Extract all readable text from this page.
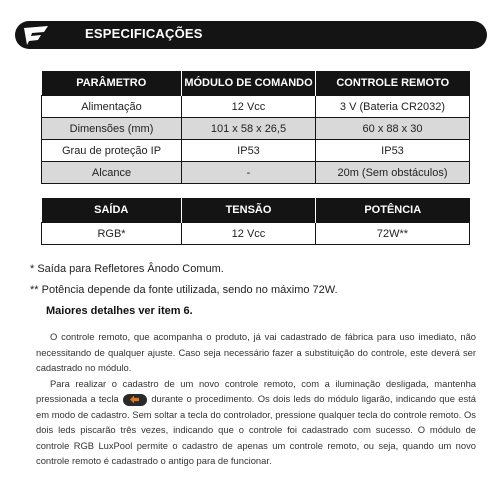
ESPECIFICAÇÕES
PARÂMETRO	MÓDULO DE COMANDO	CONTROLE REMOTO
Alimentação	12 Vcc	3 V (Bateria CR2032)
Dimensões (mm)	101 x 58 x 26,5	60 x 88 x 30
Grau de proteção IP	IP53	IP53
Alcance	-	20m (Sem obstáculos)
SAÍDA	TENSÃO	POTÊNCIA
RGB*	12 Vcc	72W**
* Saída para Refletores Ânodo Comum.
** Potência depende da fonte utilizada, sendo no máximo 72W.
Maiores detalhes ver item 6.

O controle remoto, que acompanha o produto, já vai cadastrado de fábrica para uso imediato, não necessitando de qualquer ajuste. Caso seja necessário fazer a substituição do controle, este deverá ser cadastrado no módulo.

Para realizar o cadastro de um novo controle remoto, com a iluminação desligada, mantenha pressionada a tecla	durante o procedimento. Os dois leds do módulo ligarão, indicando que está em modo de cadastro. Sem soltar a tecla do controlador, pressione qualquer tecla do controle remoto. Os dois leds piscarão três vezes, indicando que o controle foi cadastrado com sucesso. O módulo de controle RGB LuxPool permite o cadastro de apenas um controle remoto, ou seja, quando um novo controle remoto é cadastrado o antigo para de funcionar.
